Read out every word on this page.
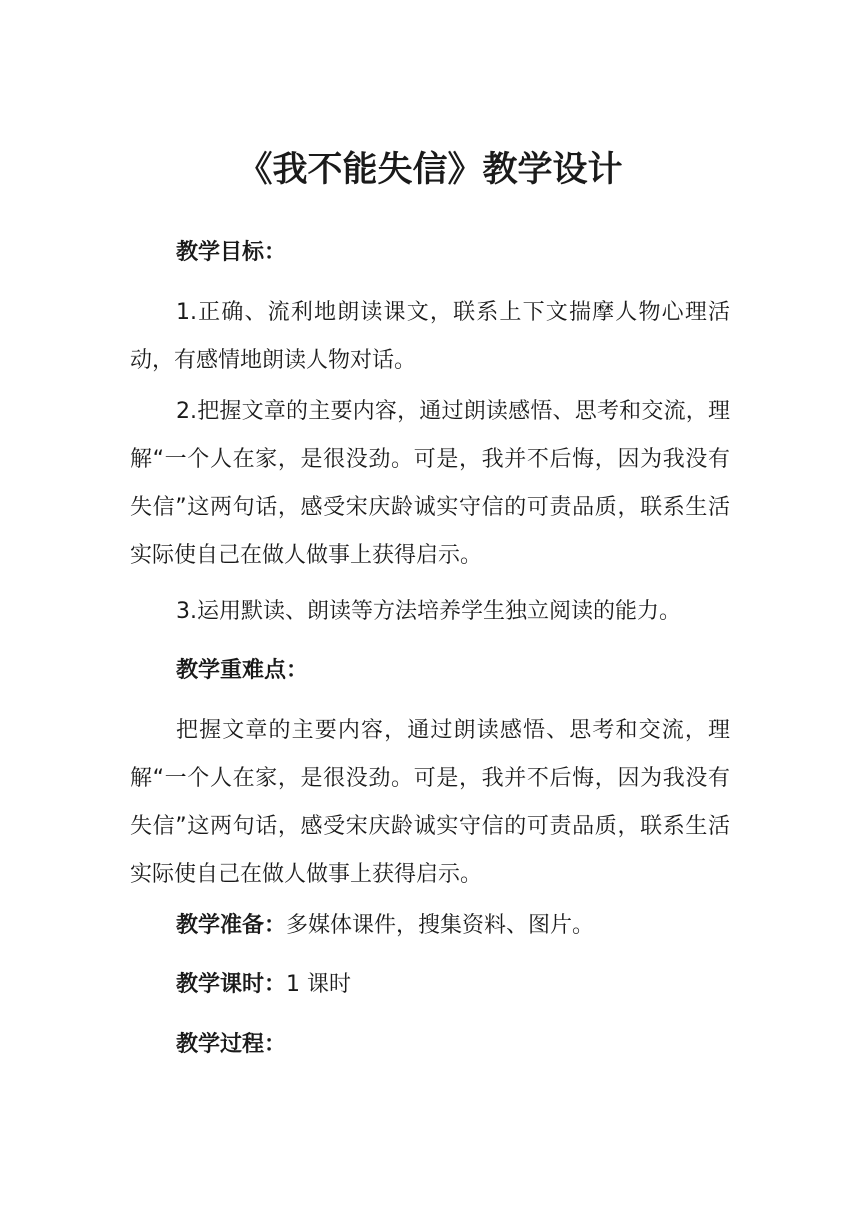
《我不能失信》教学设计

教学目标：

1.正确、流利地朗读课文，联系上下文揣摩人物心理活动，有感情地朗读人物对话。

2.把握文章的主要内容，通过朗读感悟、思考和交流，理解“一个人在家，是很没劲。可是，我并不后悔，因为我没有失信”这两句话，感受宋庆龄诚实守信的可责品质，联系生活实际使自己在做人做事上获得启示。

3.运用默读、朗读等方法培养学生独立阅读的能力。

教学重难点：

把握文章的主要内容，通过朗读感悟、思考和交流，理解“一个人在家，是很没劲。可是，我并不后悔，因为我没有失信”这两句话，感受宋庆龄诚实守信的可责品质，联系生活实际使自己在做人做事上获得启示。

教学准备：多媒体课件，搜集资料、图片。

教学课时：1 课时

教学过程：
